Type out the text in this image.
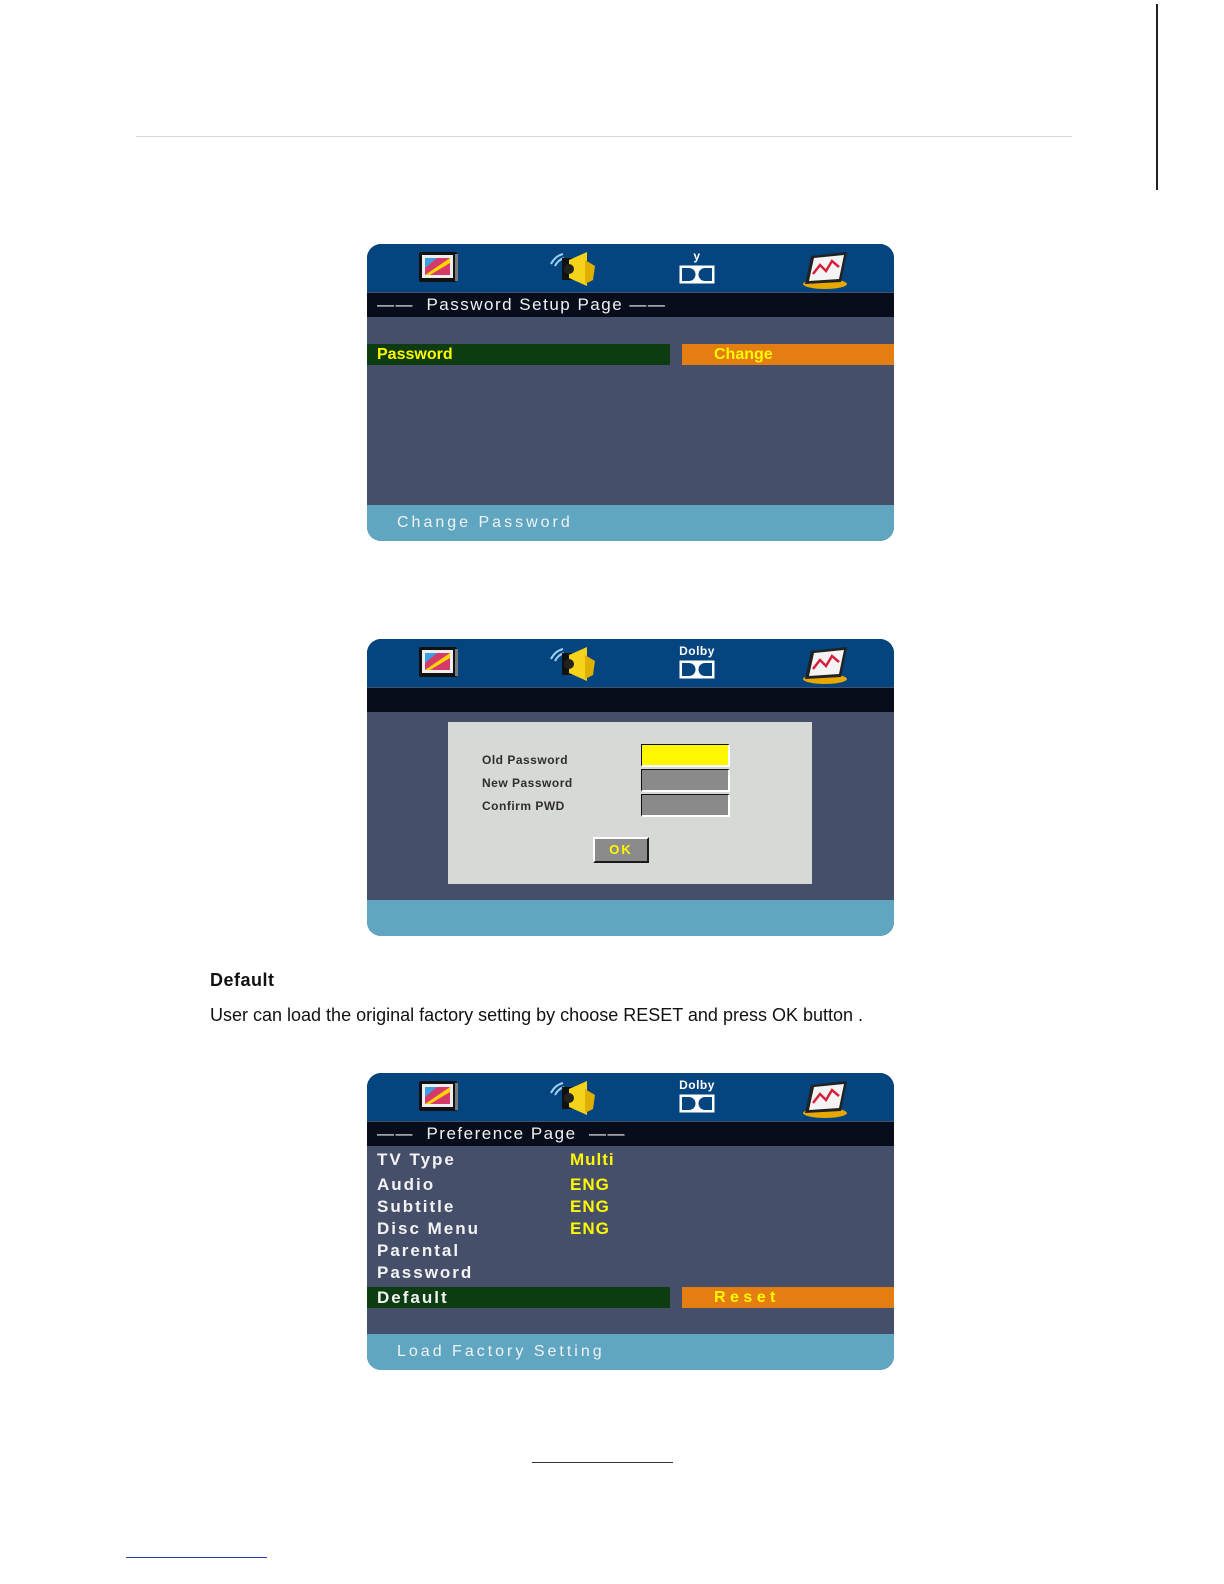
y
——  Password Setup Page ——
Password	Change
Change Password
Dolby
Old Password
New Password
Confirm PWD
OK
Default
User can load the original factory setting by choose RESET and press OK button .
Dolby
——  Preference Page  ——
TV Type	Multi
Audio	ENG
Subtitle	ENG
Disc Menu	ENG
Parental
Password
Default	R e s e t
Load Factory Setting
